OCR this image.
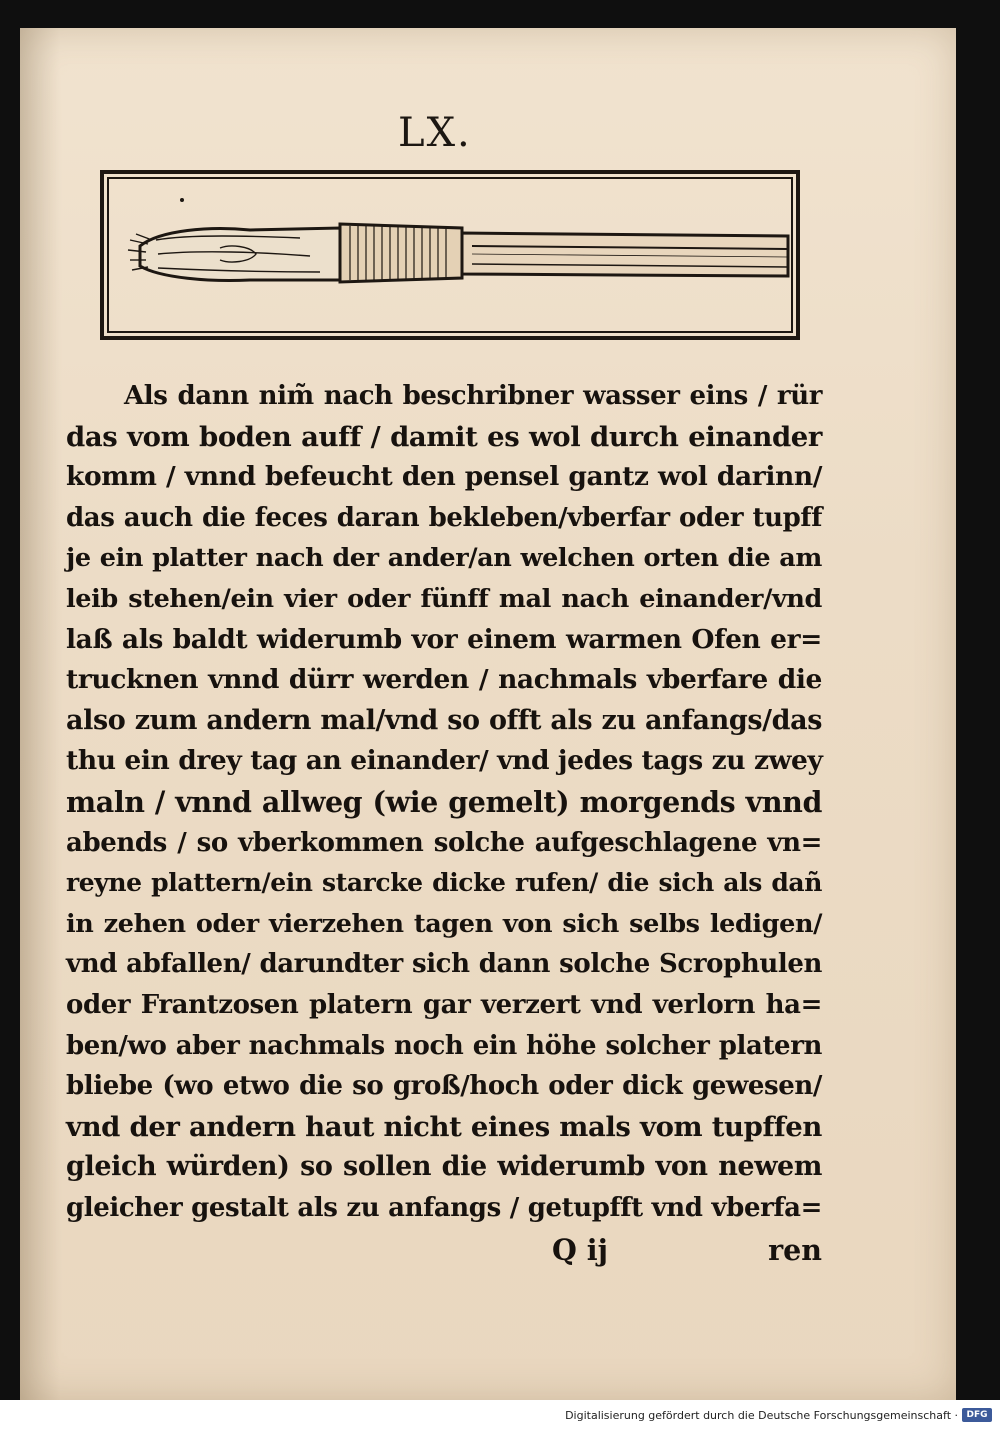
LX.
Als dann nim̃ nach beschribner wasser eins / rür
das vom boden auff / damit es wol durch einander
komm / vnnd befeucht den pensel gantz wol darinn/
das auch die feces daran bekleben/vberfar oder tupff
je ein platter nach der ander/an welchen orten die am
leib stehen/ein vier oder fünff mal nach einander/vnd
laß als baldt widerumb vor einem warmen Ofen er=
trucknen vnnd dürr werden / nachmals vberfare die
also zum andern mal/vnd so offt als zu anfangs/das
thu ein drey tag an einander/ vnd jedes tags zu zwey
maln / vnnd allweg (wie gemelt) morgends vnnd
abends / so vberkommen solche aufgeschlagene vn=
reyne plattern/ein starcke dicke rufen/ die sich als dañ
in zehen oder vierzehen tagen von sich selbs ledigen/
vnd abfallen/ darundter sich dann solche Scrophulen
oder Frantzosen platern gar verzert vnd verlorn ha=
ben/wo aber nachmals noch ein höhe solcher platern
bliebe (wo etwo die so groß/hoch oder dick gewesen/
vnd der andern haut nicht eines mals vom tupffen
gleich würden) so sollen die widerumb von newem
gleicher gestalt als zu anfangs / getupfft vnd vberfa=
Q ij	ren
Digitalisierung gefördert durch die Deutsche Forschungsgemeinschaft · DFG
